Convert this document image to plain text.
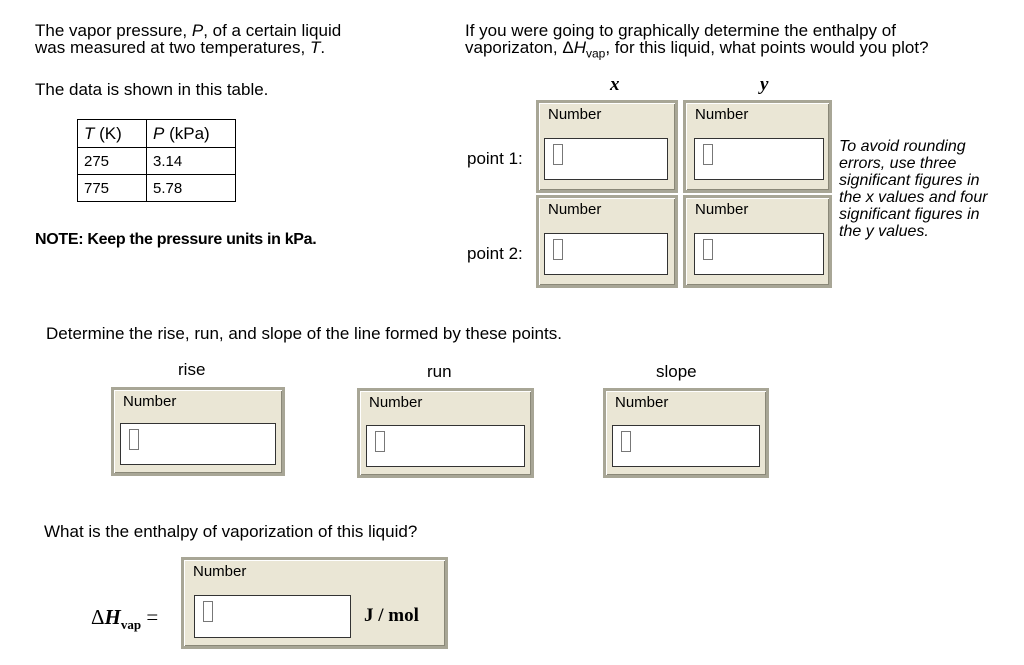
The vapor pressure, P, of a certain liquid
was measured at two temperatures, T.
The data is shown in this table.
T (K)	P (kPa)
275	3.14
775	5.78
NOTE: Keep the pressure units in kPa.
If you were going to graphically determine the enthalpy of
vaporizaton, $\Delta H_{vap}$, for this liquid, what points would you plot?
x	y
point 1:
point 2:
Number	Number
Number	Number
To avoid rounding
errors, use three
significant figures in
the x values and four
significant figures in
the y values.
Determine the rise, run, and slope of the line formed by these points.
rise	run	slope
Number	Number	Number
What is the enthalpy of vaporization of this liquid?
$\Delta H_{vap}$ =
Number
J / mol
